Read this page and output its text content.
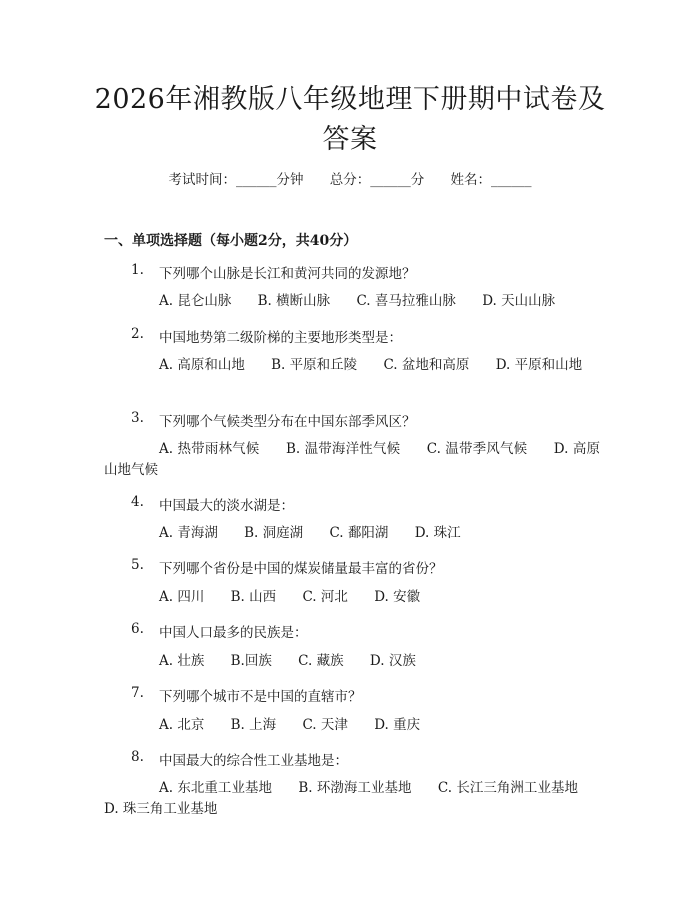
2026年湘教版八年级地理下册期中试卷及答案
考试时间：______分钟 总分：______分 姓名：______
一、单项选择题（每小题2分，共40分）
1. 下列哪个山脉是长江和黄河共同的发源地？
A. 昆仑山脉 B. 横断山脉 C. 喜马拉雅山脉 D. 天山山脉
2. 中国地势第二级阶梯的主要地形类型是：
A. 高原和山地 B. 平原和丘陵 C. 盆地和高原 D. 平原和山地
3. 下列哪个气候类型分布在中国东部季风区？
A. 热带雨林气候 B. 温带海洋性气候 C. 温带季风气候 D. 高原山地气候
4. 中国最大的淡水湖是：
A. 青海湖 B. 洞庭湖 C. 鄱阳湖 D. 珠江
5. 下列哪个省份是中国的煤炭储量最丰富的省份？
A. 四川 B. 山西 C. 河北 D. 安徽
6. 中国人口最多的民族是：
A. 壮族 B.回族 C. 藏族 D. 汉族
7. 下列哪个城市不是中国的直辖市？
A. 北京 B. 上海 C. 天津 D. 重庆
8. 中国最大的综合性工业基地是：
A. 东北重工业基地 B. 环渤海工业基地 C. 长江三角洲工业基地 D. 珠三角工业基地
